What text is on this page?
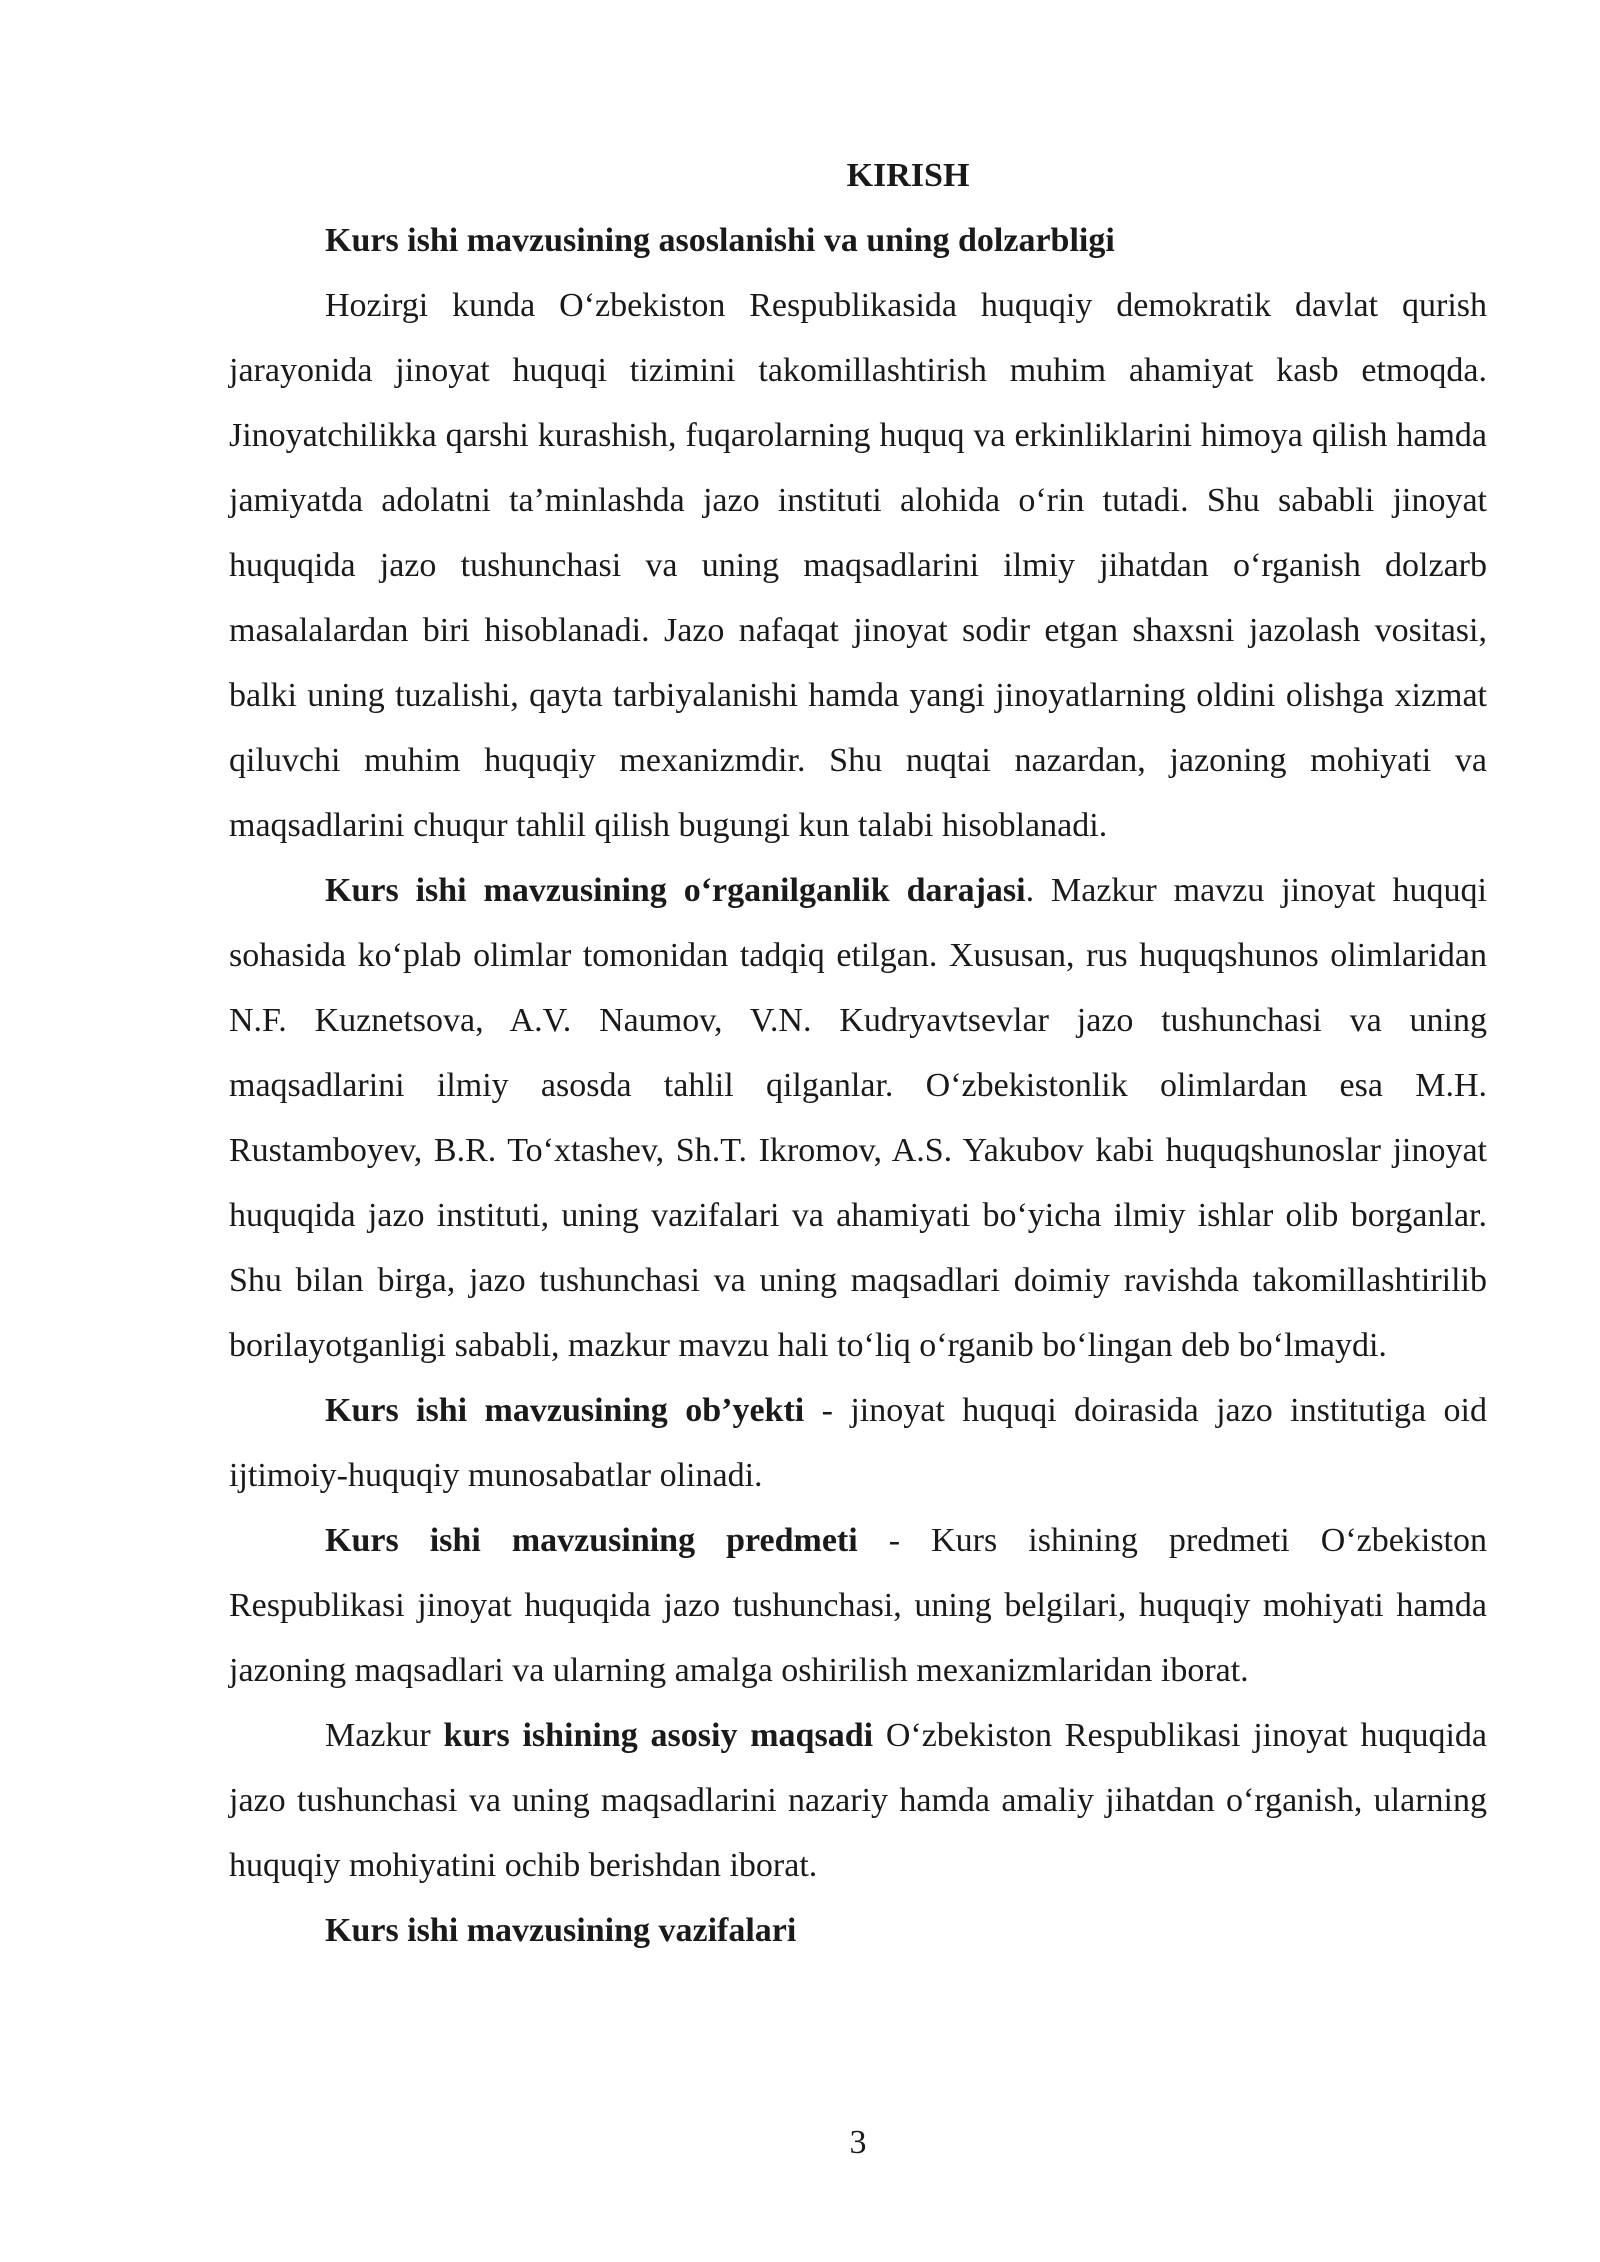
KIRISH

Kurs ishi mavzusining asoslanishi va uning dolzarbligi

Hozirgi kunda O‘zbekiston Respublikasida huquqiy demokratik davlat qurish jarayonida jinoyat huquqi tizimini takomillashtirish muhim ahamiyat kasb etmoqda. Jinoyatchilikka qarshi kurashish, fuqarolarning huquq va erkinliklarini himoya qilish hamda jamiyatda adolatni ta’minlashda jazo instituti alohida o‘rin tutadi. Shu sababli jinoyat huquqida jazo tushunchasi va uning maqsadlarini ilmiy jihatdan o‘rganish dolzarb masalalardan biri hisoblanadi. Jazo nafaqat jinoyat sodir etgan shaxsni jazolash vositasi, balki uning tuzalishi, qayta tarbiyalanishi hamda yangi jinoyatlarning oldini olishga xizmat qiluvchi muhim huquqiy mexanizmdir. Shu nuqtai nazardan, jazoning mohiyati va maqsadlarini chuqur tahlil qilish bugungi kun talabi hisoblanadi.

Kurs ishi mavzusining o‘rganilganlik darajasi. Mazkur mavzu jinoyat huquqi sohasida ko‘plab olimlar tomonidan tadqiq etilgan. Xususan, rus huquqshunos olimlaridan N.F. Kuznetsova, A.V. Naumov, V.N. Kudryavtsevlar jazo tushunchasi va uning maqsadlarini ilmiy asosda tahlil qilganlar. O‘zbekistonlik olimlardan esa M.H. Rustamboyev, B.R. To‘xtashev, Sh.T. Ikromov, A.S. Yakubov kabi huquqshunoslar jinoyat huquqida jazo instituti, uning vazifalari va ahamiyati bo‘yicha ilmiy ishlar olib borganlar. Shu bilan birga, jazo tushunchasi va uning maqsadlari doimiy ravishda takomillashtirilib borilayotganligi sababli, mazkur mavzu hali to‘liq o‘rganib bo‘lingan deb bo‘lmaydi.

Kurs ishi mavzusining ob’yekti - jinoyat huquqi doirasida jazo institutiga oid ijtimoiy-huquqiy munosabatlar olinadi.

Kurs ishi mavzusining predmeti - Kurs ishining predmeti O‘zbekiston Respublikasi jinoyat huquqida jazo tushunchasi, uning belgilari, huquqiy mohiyati hamda jazoning maqsadlari va ularning amalga oshirilish mexanizmlaridan iborat.

Mazkur kurs ishining asosiy maqsadi O‘zbekiston Respublikasi jinoyat huquqida jazo tushunchasi va uning maqsadlarini nazariy hamda amaliy jihatdan o‘rganish, ularning huquqiy mohiyatini ochib berishdan iborat.

Kurs ishi mavzusining vazifalari

3
